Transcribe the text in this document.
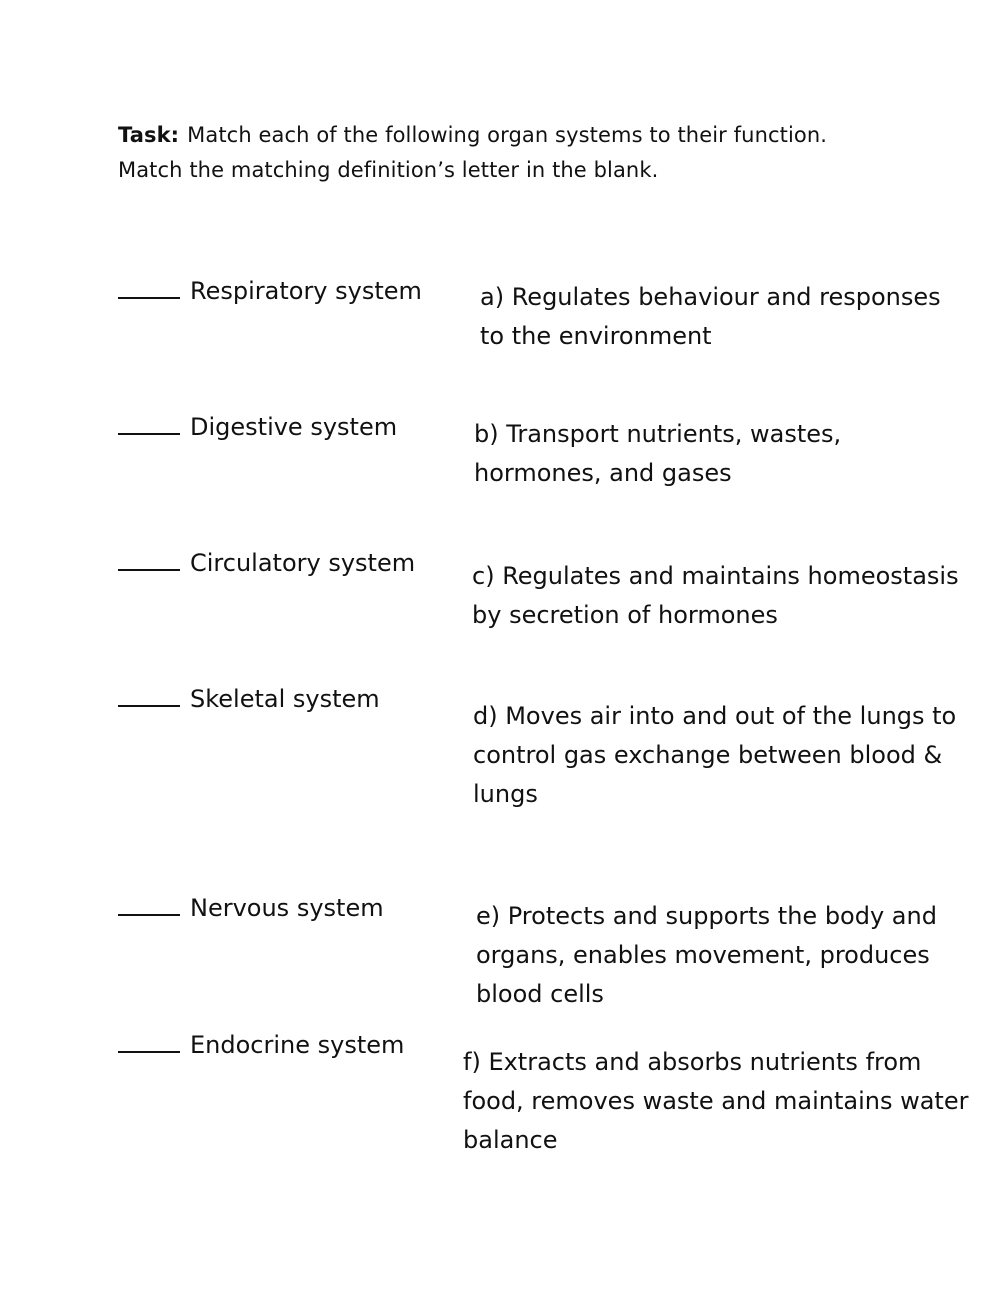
Task: Match each of the following organ systems to their function.
Match the matching definition’s letter in the blank.
Respiratory system
Digestive system
Circulatory system
Skeletal system
Nervous system
Endocrine system
a) Regulates behaviour and responses to the environment
b) Transport nutrients, wastes, hormones, and gases
c) Regulates and maintains homeostasis by secretion of hormones
d) Moves air into and out of the lungs to control gas exchange between blood & lungs
e) Protects and supports the body and organs, enables movement, produces blood cells
f) Extracts and absorbs nutrients from food, removes waste and maintains water balance
